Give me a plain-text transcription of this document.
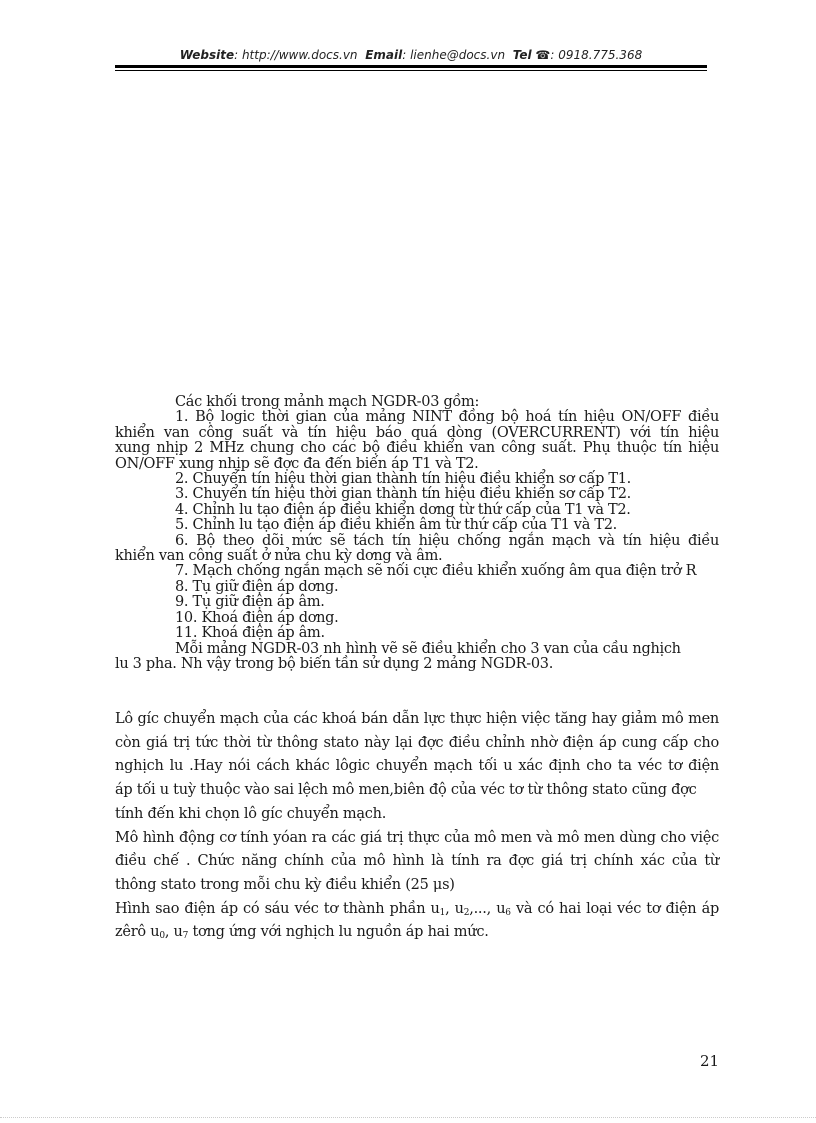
Website: http://www.docs.vn Email: lienhe@docs.vn Tel ☎: 0918.775.368
Các khối trong mảnh mạch NGDR-03 gồm:
1. Bộ logic thời gian của mảng NINT đồng bộ hoá tín hiệu ON/OFF điều
khiển van công suất và tín hiệu báo quá dòng (OVERCURRENT) với tín hiệu
xung nhịp 2 MHz chung cho các bộ điều khiển van công suất. Phụ thuộc tín hiệu
ON/OFF xung nhịp sẽ đợc đa đến biến áp T1 và T2.
2. Chuyển tín hiệu thời gian thành tín hiệu điều khiển sơ cấp T1.
3. Chuyển tín hiệu thời gian thành tín hiệu điều khiển sơ cấp T2.
4. Chỉnh lu tạo điện áp điều khiển dơng từ thứ cấp của T1 và T2.
5. Chỉnh lu tạo điện áp điều khiển âm từ thứ cấp của T1 và T2.
6. Bộ theo dõi mức sẽ tách tín hiệu chống ngắn mạch và tín hiệu điều
khiển van công suất ở nửa chu kỳ dơng và âm.
7. Mạch chống ngắn mạch sẽ nối cực điều khiển xuống âm qua điện trở R
8. Tụ giữ điện áp dơng.
9. Tụ giữ điện áp âm.
10. Khoá điện áp dơng.
11. Khoá điện áp âm.
Mỗi mảng NGDR-03 nh hình vẽ sẽ điều khiển cho 3 van của cầu nghịch
lu 3 pha. Nh vậy trong bộ biến tần sử dụng 2 mảng NGDR-03.
Lô gíc chuyển mạch của các khoá bán dẫn lực thực hiện việc tăng hay giảm mô men
còn giá trị tức thời từ thông stato này lại đợc điều chỉnh nhờ điện áp cung cấp cho
nghịch lu .Hay nói cách khác lôgic chuyển mạch tối u xác định cho ta véc tơ điện
áp tối u tuỳ thuộc vào sai lệch mô men,biên độ của véc tơ từ thông stato cũng đợc
tính đến khi chọn lô gíc chuyển mạch.
Mô hình động cơ tính yóan ra các giá trị thực của mô men và mô men dùng cho việc
điều chế . Chức năng chính của mô hình là tính ra đợc giá trị chính xác của từ
thông stato trong mỗi chu kỳ điều khiển (25 μs)
Hình sao điện áp có sáu véc tơ thành phần $u_1$, $u_2$,..., $u_6$ và có hai loại véc tơ điện áp
zêrô $u_0$, $u_7$ tơng ứng với nghịch lu nguồn áp hai mức.
21
